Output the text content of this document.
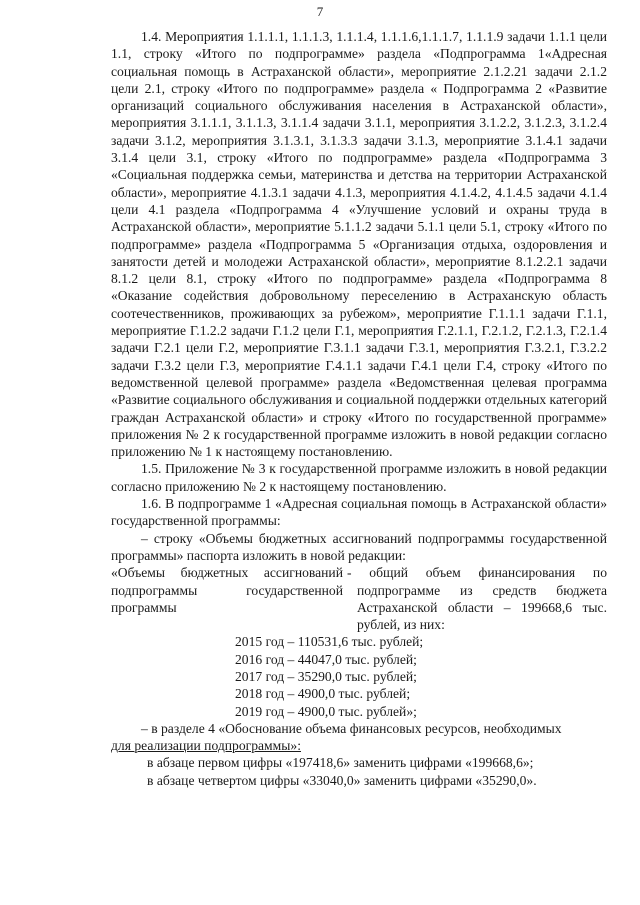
7

1.4. Мероприятия 1.1.1.1, 1.1.1.3, 1.1.1.4, 1.1.1.6,1.1.1.7, 1.1.1.9 задачи 1.1.1 цели 1.1, строку «Итого по подпрограмме» раздела «Подпрограмма 1«Адресная социальная помощь в Астраханской области», мероприятие 2.1.2.21 задачи 2.1.2 цели 2.1, строку «Итого по подпрограмме» раздела « Подпрограмма 2 «Развитие организаций социального обслуживания населения в Астраханской области», мероприятия 3.1.1.1, 3.1.1.3, 3.1.1.4 задачи 3.1.1, мероприятия 3.1.2.2, 3.1.2.3, 3.1.2.4 задачи 3.1.2, мероприятия 3.1.3.1, 3.1.3.3 задачи 3.1.3, мероприятие 3.1.4.1 задачи 3.1.4 цели 3.1, строку «Итого по подпрограмме» раздела «Подпрограмма 3 «Социальная поддержка семьи, материнства и детства на территории Астраханской области», мероприятие 4.1.3.1 задачи 4.1.3, мероприятия 4.1.4.2, 4.1.4.5 задачи 4.1.4 цели 4.1 раздела «Подпрограмма 4 «Улучшение условий и охраны труда в Астраханской области», мероприятие 5.1.1.2 задачи 5.1.1 цели 5.1, строку «Итого по подпрограмме» раздела «Подпрограмма 5 «Организация отдыха, оздоровления и занятости детей и молодежи Астраханской области», мероприятие 8.1.2.2.1 задачи 8.1.2 цели 8.1, строку «Итого по подпрограмме» раздела «Подпрограмма 8 «Оказание содействия добровольному переселению в Астраханскую область соотечественников, проживающих за рубежом», мероприятие Г.1.1.1 задачи Г.1.1, мероприятие Г.1.2.2 задачи Г.1.2 цели Г.1, мероприятия Г.2.1.1, Г.2.1.2, Г.2.1.3, Г.2.1.4 задачи Г.2.1 цели Г.2, мероприятие Г.3.1.1 задачи Г.3.1, мероприятия Г.3.2.1, Г.3.2.2 задачи Г.3.2 цели Г.3, мероприятие Г.4.1.1 задачи Г.4.1 цели Г.4, строку «Итого по ведомственной целевой программе» раздела «Ведомственная целевая программа «Развитие социального обслуживания и социальной поддержки отдельных категорий граждан Астраханской области» и строку «Итого по государственной программе» приложения № 2 к государственной программе изложить в новой редакции согласно приложению № 1 к настоящему постановлению.

1.5. Приложение № 3 к государственной программе изложить в новой редакции согласно приложению № 2 к настоящему постановлению.

1.6. В подпрограмме 1 «Адресная социальная помощь в Астраханской области» государственной программы:

– строку «Объемы бюджетных ассигнований подпрограммы государственной программы» паспорта изложить в новой редакции:

«Объемы бюджетных ассигнований подпрограммы государственной программы
- общий объем финансирования по подпрограмме из средств бюджета Астраханской области – 199668,6 тыс. рублей, из них:
2015 год – 110531,6 тыс. рублей;
2016 год – 44047,0 тыс. рублей;
2017 год – 35290,0 тыс. рублей;
2018 год – 4900,0 тыс. рублей;
2019 год – 4900,0 тыс. рублей»;

– в разделе 4 «Обоснование объема финансовых ресурсов, необходимых

для реализации подпрограммы»:

в абзаце первом цифры «197418,6» заменить цифрами «199668,6»;

в абзаце четвертом цифры «33040,0» заменить цифрами «35290,0».
